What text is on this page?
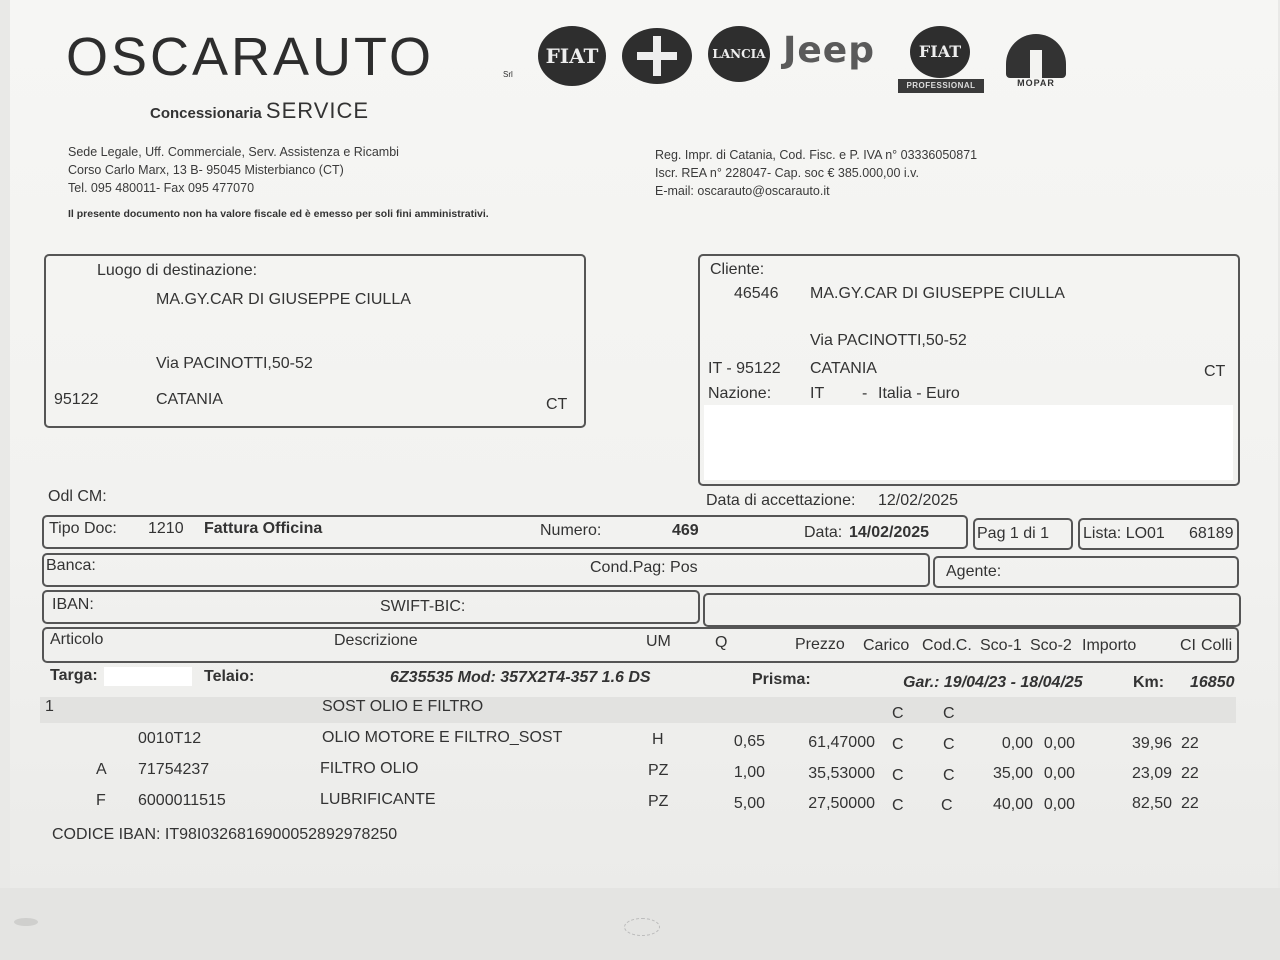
OSCARAUTO	Srl
Concessionaria SERVICE
FIAT	LANCIA Jeep	FIAT
PROFESSIONAL	MOPAR
Sede Legale, Uff. Commerciale, Serv. Assistenza e Ricambi
Corso Carlo Marx, 13 B- 95045 Misterbianco (CT)
Tel. 095 480011- Fax 095 477070
Reg. Impr. di Catania, Cod. Fisc. e P. IVA n° 03336050871
Iscr. REA n° 228047- Cap. soc € 385.000,00 i.v.
E-mail: oscarauto@oscarauto.it
Il presente documento non ha valore fiscale ed è emesso per soli fini amministrativi.
Luogo di destinazione:
MA.GY.CAR DI GIUSEPPE CIULLA
Via PACINOTTI,50-52
95122	CATANIA	CT
Cliente:
46546 MA.GY.CAR DI GIUSEPPE CIULLA
Via PACINOTTI,50-52
IT - 95122 CATANIA	CT
Nazione: IT - Italia - Euro
Odl CM:	Data di accettazione: 12/02/2025
Tipo Doc: 1210 Fattura Officina	Numero:	469	Data: 14/02/2025	Pag 1 di 1 Lista: LO01 68189
Banca:	Cond.Pag: Pos	Agente:
IBAN:	SWIFT-BIC:
Articolo	Descrizione	UM	Q	Prezzo Carico Cod.C. Sco-1 Sco-2 Importo	CI Colli
Targa:	Telaio:	6Z35535 Mod: 357X2T4-357 1.6 DS	Prisma:	Gar.: 19/04/23 - 18/04/25	Km: 16850
1	SOST OLIO E FILTRO	C C
0010T12	OLIO MOTORE E FILTRO_SOST	H	0,65	61,47000 C C	0,00 0,00	39,96 22
A 71754237	FILTRO OLIO	PZ	1,00	35,53000 C C	35,00 0,00	23,09 22
F 6000011515	LUBRIFICANTE	PZ	5,00	27,50000 C C	40,00 0,00	82,50 22
CODICE IBAN: IT98I0326816900052892978250
